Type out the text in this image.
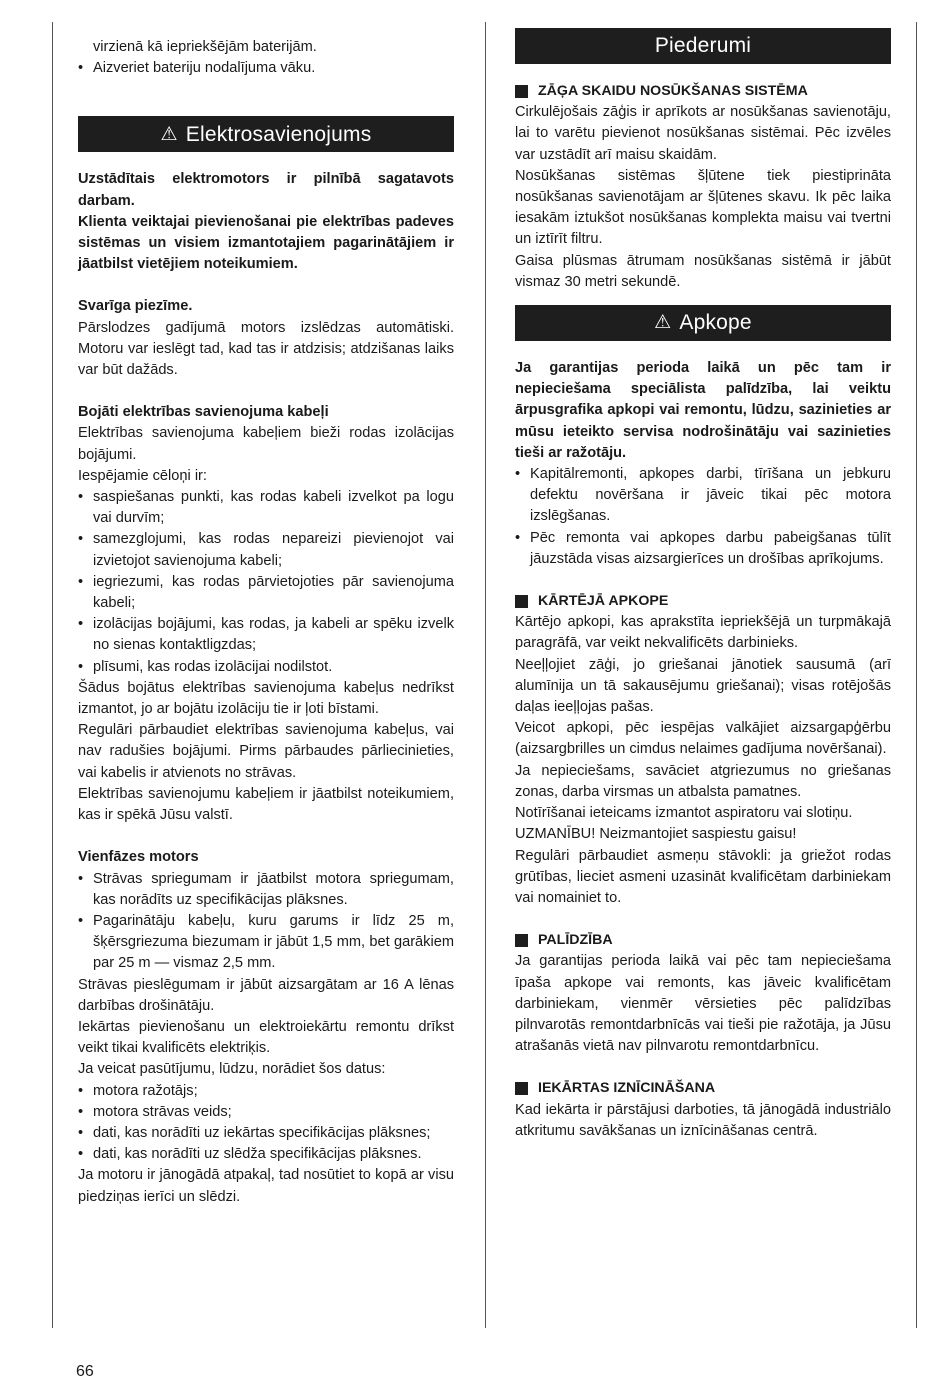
virzienā kā iepriekšējām baterijām.
• Aizveriet bateriju nodalījuma vāku.
⚠ Elektrosavienojums

Uzstādītais elektromotors ir pilnībā sagatavots darbam.

Klienta veiktajai pievienošanai pie elektrības padeves sistēmas un visiem izmantotajiem pagarinātājiem ir jāatbilst vietējiem noteikumiem.

Svarīga piezīme.

Pārslodzes gadījumā motors izslēdzas automātiski. Motoru var ieslēgt tad, kad tas ir atdzisis; atdzišanas laiks var būt dažāds.

Bojāti elektrības savienojuma kabeļi

Elektrības savienojuma kabeļiem bieži rodas izolācijas bojājumi.

Iespējamie cēloņi ir:

• saspiešanas punkti, kas rodas kabeli izvelkot pa logu vai durvīm;
• samezglojumi, kas rodas nepareizi pievienojot vai izvietojot savienojuma kabeli;
• iegriezumi, kas rodas pārvietojoties pār savienojuma kabeli;
• izolācijas bojājumi, kas rodas, ja kabeli ar spēku izvelk no sienas kontaktligzdas;
• plīsumi, kas rodas izolācijai nodilstot.

Šādus bojātus elektrības savienojuma kabeļus nedrīkst izmantot, jo ar bojātu izolāciju tie ir ļoti bīstami.

Regulāri pārbaudiet elektrības savienojuma kabeļus, vai nav radušies bojājumi. Pirms pārbaudes pārliecinieties, vai kabelis ir atvienots no strāvas.

Elektrības savienojumu kabeļiem ir jāatbilst noteikumiem, kas ir spēkā Jūsu valstī.

Vienfāzes motors

• Strāvas spriegumam ir jāatbilst motora spriegumam, kas norādīts uz specifikācijas plāksnes.
• Pagarinātāju kabeļu, kuru garums ir līdz 25 m, šķērsgriezuma biezumam ir jābūt 1,5 mm, bet garākiem par 25 m — vismaz 2,5 mm.

Strāvas pieslēgumam ir jābūt aizsargātam ar 16 A lēnas darbības drošinātāju.

Iekārtas pievienošanu un elektroiekārtu remontu drīkst veikt tikai kvalificēts elektriķis.

Ja veicat pasūtījumu, lūdzu, norādiet šos datus:

• motora ražotājs;
• motora strāvas veids;
• dati, kas norādīti uz iekārtas specifikācijas plāksnes;
• dati, kas norādīti uz slēdža specifikācijas plāksnes.

Ja motoru ir jānogādā atpakaļ, tad nosūtiet to kopā ar visu piedziņas ierīci un slēdzi.

Piederumi
ZĀĢA SKAIDU NOSŪKŠANAS SISTĒMA

Cirkulējošais zāģis ir aprīkots ar nosūkšanas savienotāju, lai to varētu pievienot nosūkšanas sistēmai. Pēc izvēles var uzstādīt arī maisu skaidām.

Nosūkšanas sistēmas šļūtene tiek piestiprināta nosūkšanas savienotājam ar šļūtenes skavu. Ik pēc laika iesakām iztukšot nosūkšanas komplekta maisu vai tvertni un iztīrīt filtru.

Gaisa plūsmas ātrumam nosūkšanas sistēmā ir jābūt vismaz 30 metri sekundē.

⚠ Apkope

Ja garantijas perioda laikā un pēc tam ir nepieciešama speciālista palīdzība, lai veiktu ārpusgrafika apkopi vai remontu, lūdzu, sazinieties ar mūsu ieteikto servisa nodrošinātāju vai sazinieties tieši ar ražotāju.

• Kapitālremonti, apkopes darbi, tīrīšana un jebkuru defektu novēršana ir jāveic tikai pēc motora izslēgšanas.
• Pēc remonta vai apkopes darbu pabeigšanas tūlīt jāuzstāda visas aizsargierīces un drošības aprīkojums.
KĀRTĒJĀ APKOPE

Kārtējo apkopi, kas aprakstīta iepriekšējā un turpmākajā paragrāfā, var veikt nekvalificēts darbinieks.

Neeļļojiet zāģi, jo griešanai jānotiek sausumā (arī alumīnija un tā sakausējumu griešanai); visas rotējošās daļas ieeļļojas pašas.

Veicot apkopi, pēc iespējas valkājiet aizsargapģērbu (aizsargbrilles un cimdus nelaimes gadījuma novēršanai).

Ja nepieciešams, savāciet atgriezumus no griešanas zonas, darba virsmas un atbalsta pamatnes.

Notīrīšanai ieteicams izmantot aspiratoru vai slotiņu.

UZMANĪBU! Neizmantojiet saspiestu gaisu!

Regulāri pārbaudiet asmeņu stāvokli: ja griežot rodas grūtības, lieciet asmeni uzasināt kvalificētam darbiniekam vai nomainiet to.

PALĪDZĪBA

Ja garantijas perioda laikā vai pēc tam nepieciešama īpaša apkope vai remonts, kas jāveic kvalificētam darbiniekam, vienmēr vērsieties pēc palīdzības pilnvarotās remontdarbnīcās vai tieši pie ražotāja, ja Jūsu atrašanās vietā nav pilnvarotu remontdarbnīcu.

IEKĀRTAS IZNĪCINĀŠANA

Kad iekārta ir pārstājusi darboties, tā jānogādā industriālo atkritumu savākšanas un iznīcināšanas centrā.

66
